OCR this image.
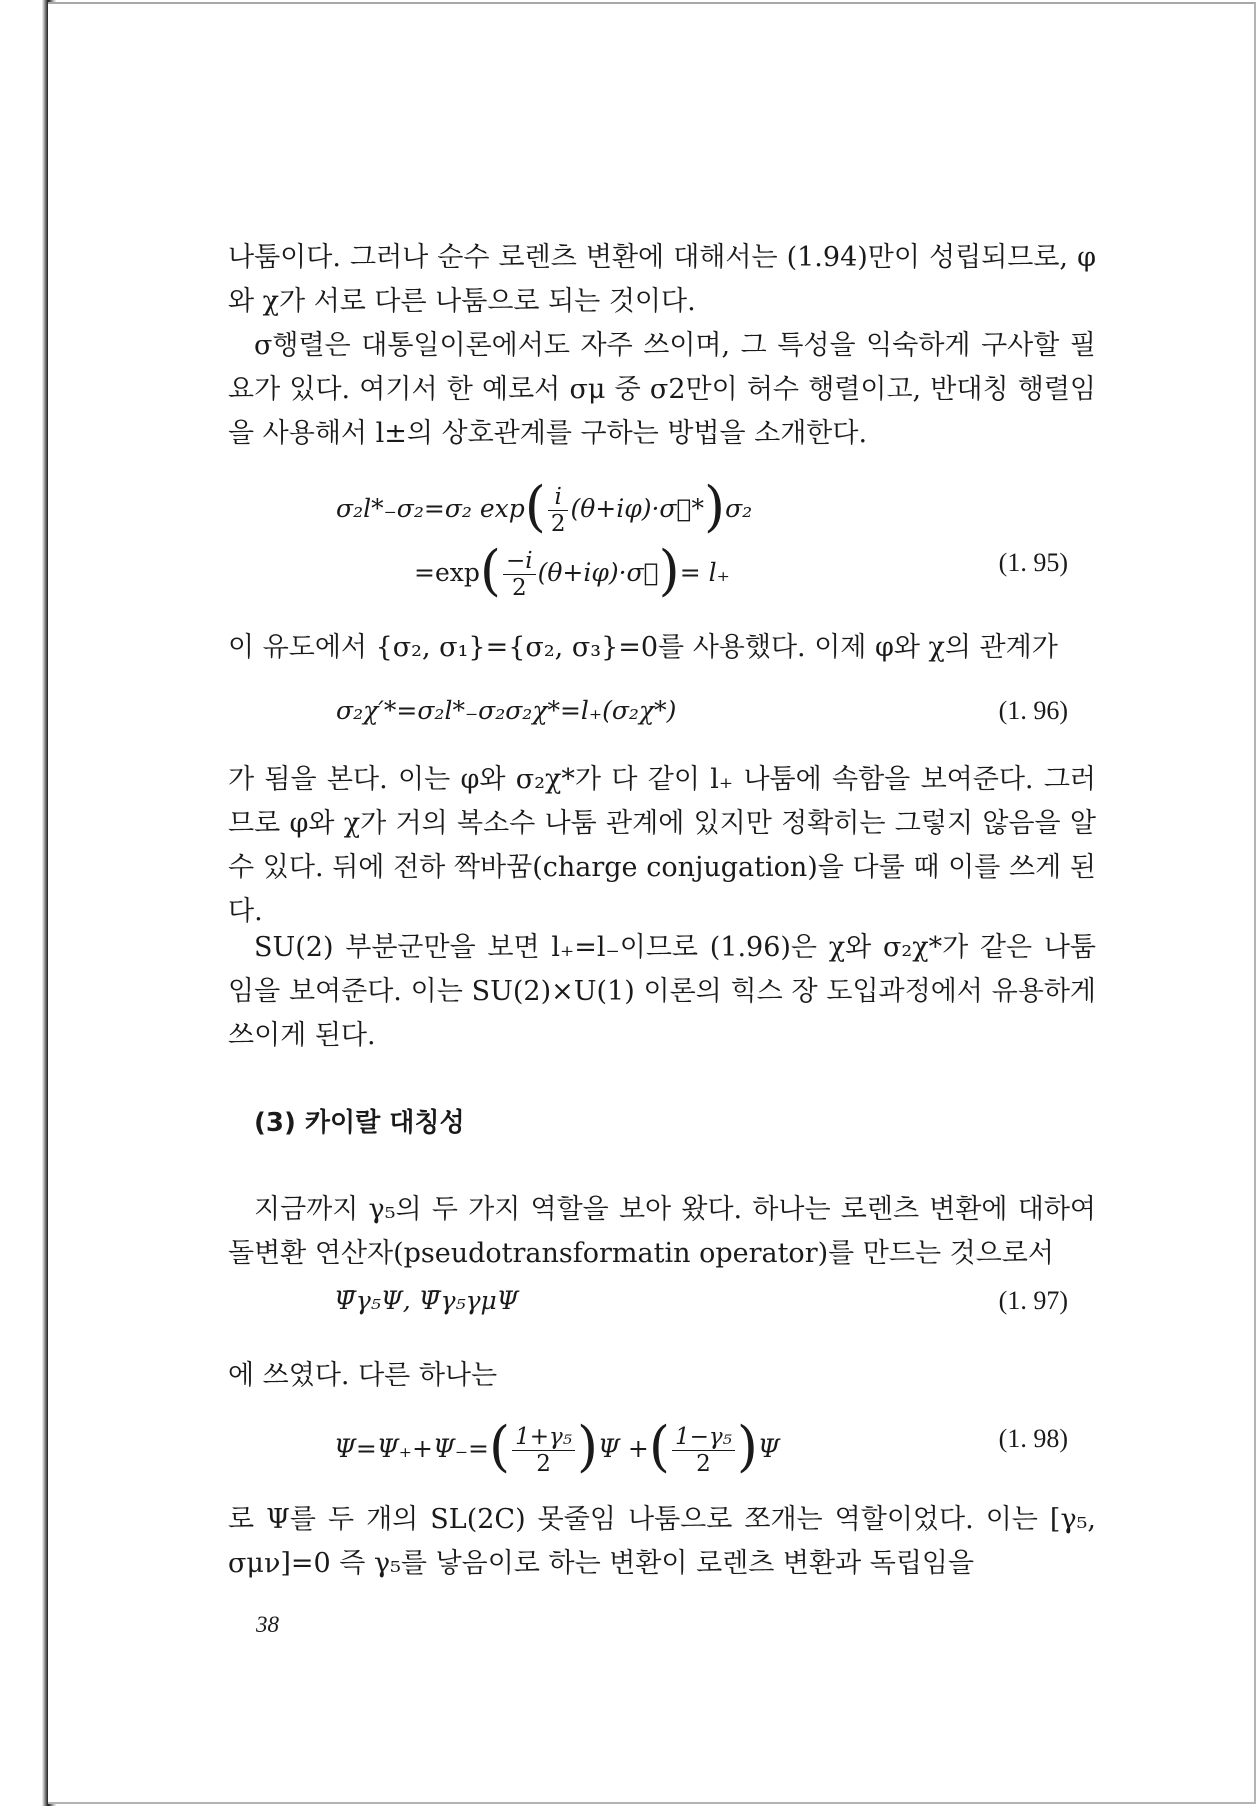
나툼이다. 그러나 순수 로렌츠 변환에 대해서는 (1.94)만이 성립되므로, φ와 χ가 서로 다른 나툼으로 되는 것이다.

σ행렬은 대통일이론에서도 자주 쓰이며, 그 특성을 익숙하게 구사할 필요가 있다. 여기서 한 예로서 σμ 중 σ2만이 허수 행렬이고, 반대칭 행렬임을 사용해서 l±의 상호관계를 구하는 방법을 소개한다.

σ₂l*₋σ₂=σ₂ $\exp( \frac{i}{2}$ (θ+iφ)·σ⃗*)σ₂
$=\exp( \frac{-i}{2}$ (θ+iφ)·σ⃗)= l₊	(1. 95)

이 유도에서 {σ₂, σ₁}={σ₂, σ₃}=0를 사용했다. 이제 φ와 χ의 관계가

σ₂χ′*=σ₂l*₋σ₂σ₂χ*=l₊(σ₂χ*)	(1. 96)

가 됨을 본다. 이는 φ와 σ₂χ*가 다 같이 l₊ 나툼에 속함을 보여준다. 그러므로 φ와 χ가 거의 복소수 나툼 관계에 있지만 정확히는 그렇지 않음을 알 수 있다. 뒤에 전하 짝바꿈(charge conjugation)을 다룰 때 이를 쓰게 된다.

SU(2) 부분군만을 보면 l₊=l₋이므로 (1.96)은 χ와 σ₂χ*가 같은 나툼임을 보여준다. 이는 SU(2)×U(1) 이론의 힉스 장 도입과정에서 유용하게 쓰이게 된다.

(3) 카이랄 대칭성

지금까지 γ₅의 두 가지 역할을 보아 왔다. 하나는 로렌츠 변환에 대하여 돌변환 연산자(pseudotransformatin operator)를 만드는 것으로서

Ψ̄γ₅Ψ, Ψ̄γ₅γμΨ	(1. 97)

에 쓰였다. 다른 하나는

$\Psi=\Psi_++\Psi_-=( \frac{\text{1+γ₅}}{2} )\Psi$ +( $\frac{\text{1−γ₅}}{2} )\Psi$	(1. 98)

로 Ψ를 두 개의 SL(2C) 못줄임 나툼으로 쪼개는 역할이었다. 이는 [γ₅, σμν]=0 즉 γ₅를 낳음이로 하는 변환이 로렌츠 변환과 독립임을

38
